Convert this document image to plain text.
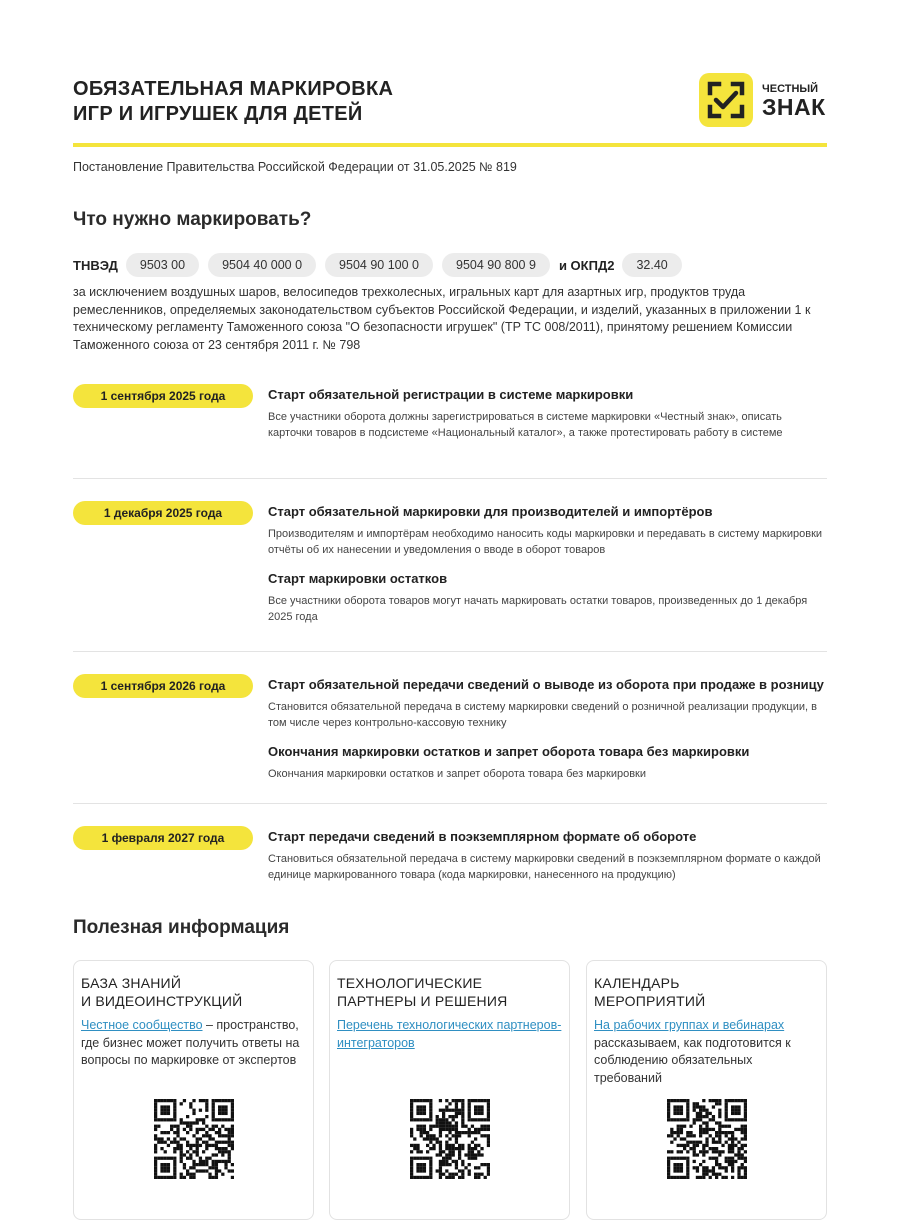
ОБЯЗАТЕЛЬНАЯ МАРКИРОВКА
ИГР И ИГРУШЕК ДЛЯ ДЕТЕЙ
ЧЕСТНЫЙ
ЗНАК
Постановление Правительства Российской Федерации от 31.05.2025 № 819
Что нужно маркировать?
ТНВЭД	9503 00	9504 40 000 0	9504 90 100 0	9504 90 800 9	и ОКПД2	32.40
за исключением воздушных шаров, велосипедов трехколесных, игральных карт для азартных игр, продуктов труда ремесленников, определяемых законодательством субъектов Российской Федерации, и изделий, указанных в приложении 1 к техническому регламенту Таможенного союза "О безопасности игрушек" (ТР ТС 008/2011), принятому решением Комиссии Таможенного союза от 23 сентября 2011 г. № 798
1 сентября 2025 года	Старт обязательной регистрации в системе маркировки
Все участники оборота должны зарегистрироваться в системе маркировки «Честный знак», описать карточки товаров в подсистеме «Национальный каталог», а также протестировать работу в системе
1 декабря 2025 года	Старт обязательной маркировки для производителей и импортёров
Производителям и импортёрам необходимо наносить коды маркировки и передавать в систему маркировки отчёты об их нанесении и уведомления о вводе в оборот товаров
Старт маркировки остатков
Все участники оборота товаров могут начать маркировать остатки товаров, произведенных до 1 декабря 2025 года
1 сентября 2026 года	Старт обязательной передачи сведений о выводе из оборота при продаже в розницу
Становится обязательной передача в систему маркировки сведений о розничной реализации продукции, в том числе через контрольно-кассовую технику
Окончания маркировки остатков и запрет оборота товара без маркировки
Окончания маркировки остатков и запрет оборота товара без маркировки
1 февраля 2027 года	Старт передачи сведений в поэкземплярном формате об обороте
Становиться обязательной передача в систему маркировки сведений в поэкземплярном формате о каждой единице маркированного товара (кода маркировки, нанесенного на продукцию)
Полезная информация
БАЗА ЗНАНИЙ
И ВИДЕОИНСТРУКЦИЙ
Честное сообщество – пространство, где бизнес может получить ответы на вопросы по маркировке от экспертов
ТЕХНОЛОГИЧЕСКИЕ
ПАРТНЕРЫ И РЕШЕНИЯ
Перечень технологических партнеров-интеграторов
КАЛЕНДАРЬ
МЕРОПРИЯТИЙ
На рабочих группах и вебинарах рассказываем, как подготовится к соблюдению обязательных требований
